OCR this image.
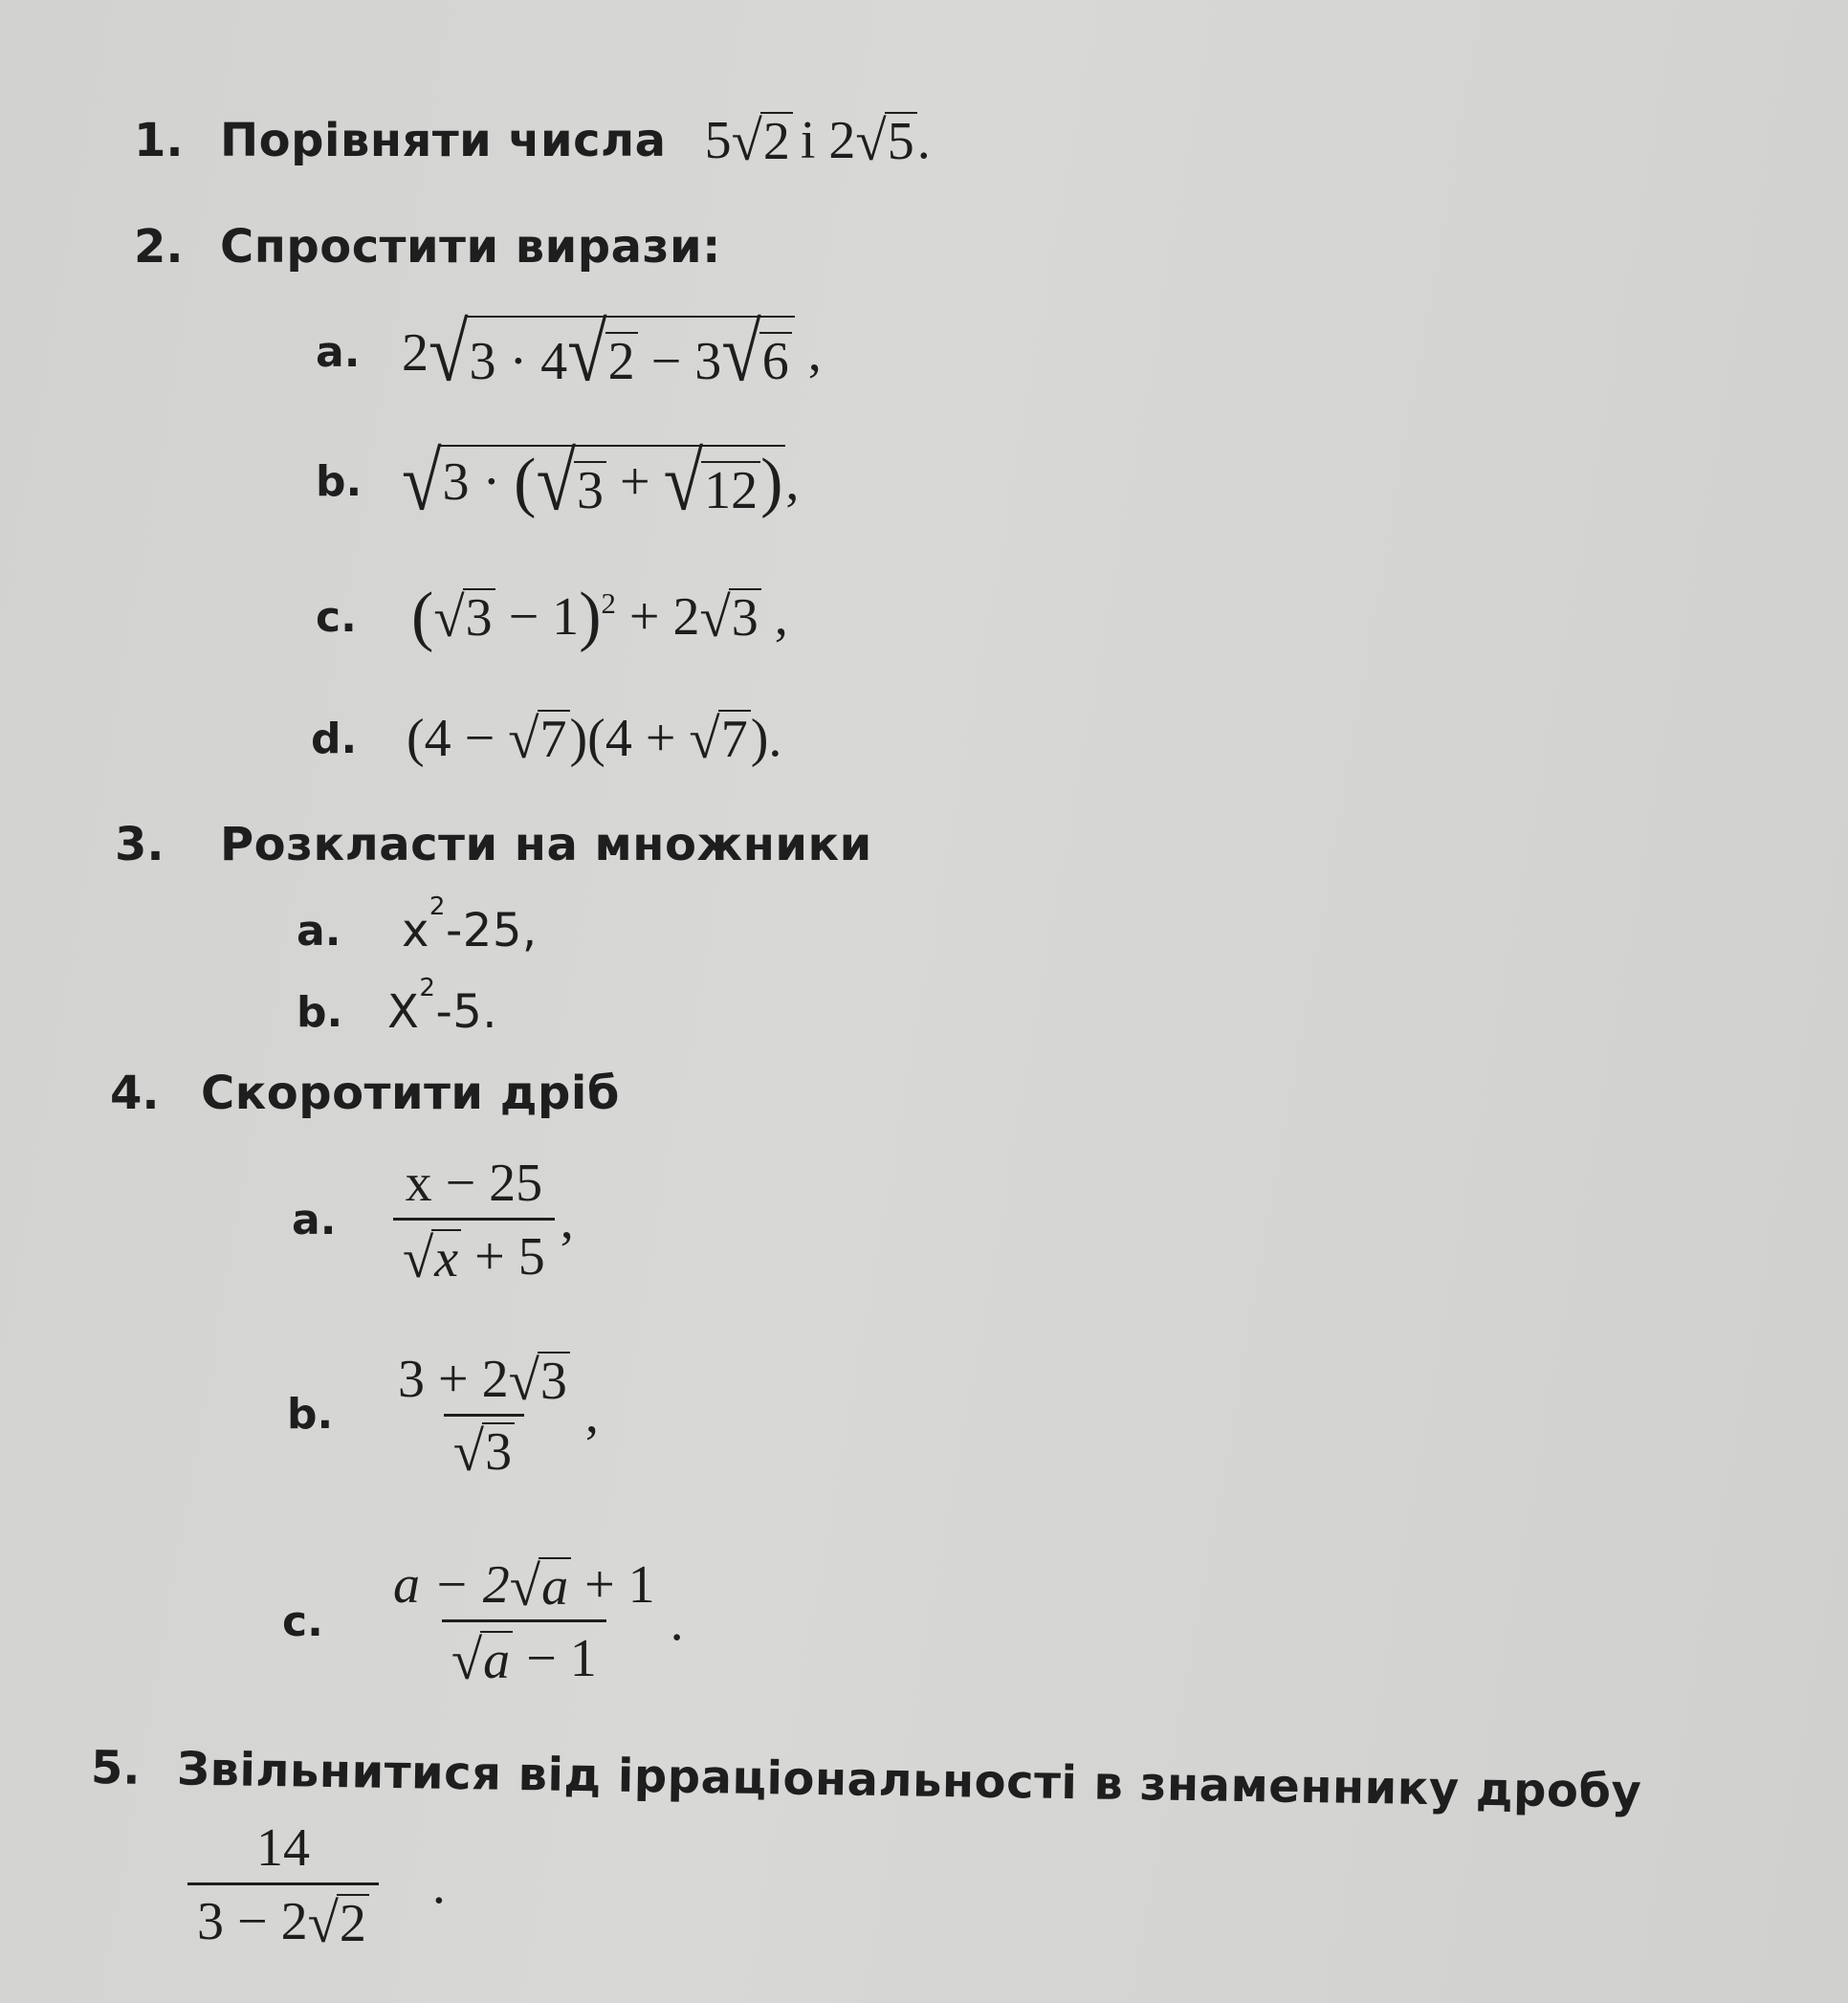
1. Порівняти числа 5 √ 2 і 2 √ 5 .
2. Спростити вирази:
a. 2 √ 3 · 4 √ 2 − 3 √ 6 ,
b. √ 3 · ( √ 3 + √ 12 ) ,
c. ( √ 3 − 1 ) 2 + 2 √ 3 ,
d. (4 − √ 7 )(4 + √ 7 ).
3.	Розкласти на множники
a.	$x^2-25$,
b. $X^2-5$.
4. Скоротити дріб
a.	$\frac{x - 25}{√ x + 5}$ ,
b.	$\frac{3 + 2 √ 3}{√ 3}$ ,
c.	$\frac{a - 2 √ a + 1}{√ a - 1}$ .
5. Звільнитися від ірраціональності в знаменнику дробу
$\frac{14}{3 - 2 √ 2}$ .
